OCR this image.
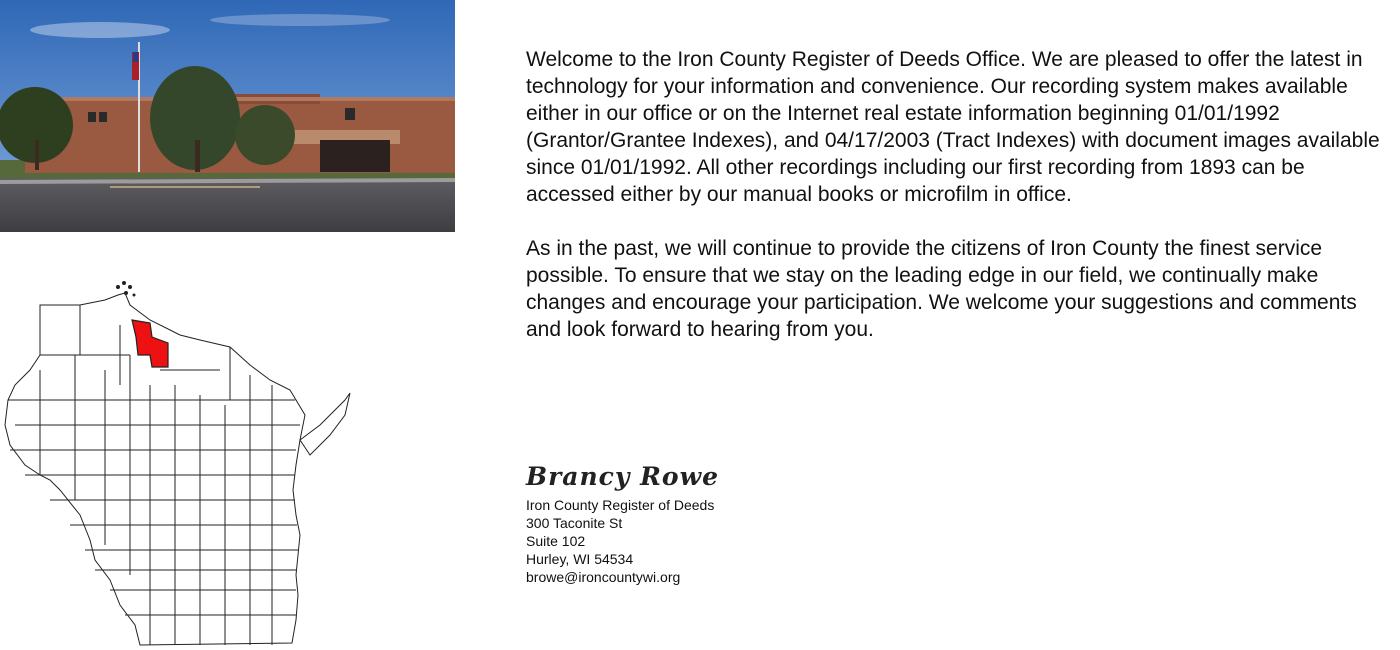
Welcome to the Iron County Register of Deeds Office. We are pleased to offer the latest in technology for your information and convenience. Our recording system makes available either in our office or on the Internet real estate information beginning 01/01/1992 (Grantor/Grantee Indexes), and 04/17/2003 (Tract Indexes) with document images available since 01/01/1992. All other recordings including our first recording from 1893 can be accessed either by our manual books or microfilm in office.

As in the past, we will continue to provide the citizens of Iron County the finest service possible. To ensure that we stay on the leading edge in our field, we continually make changes and encourage your participation. We welcome your suggestions and comments and look forward to hearing from you.

Brancy Rowe
Iron County Register of Deeds
300 Taconite St
Suite 102
Hurley, WI 54534
browe@ironcountywi.org
